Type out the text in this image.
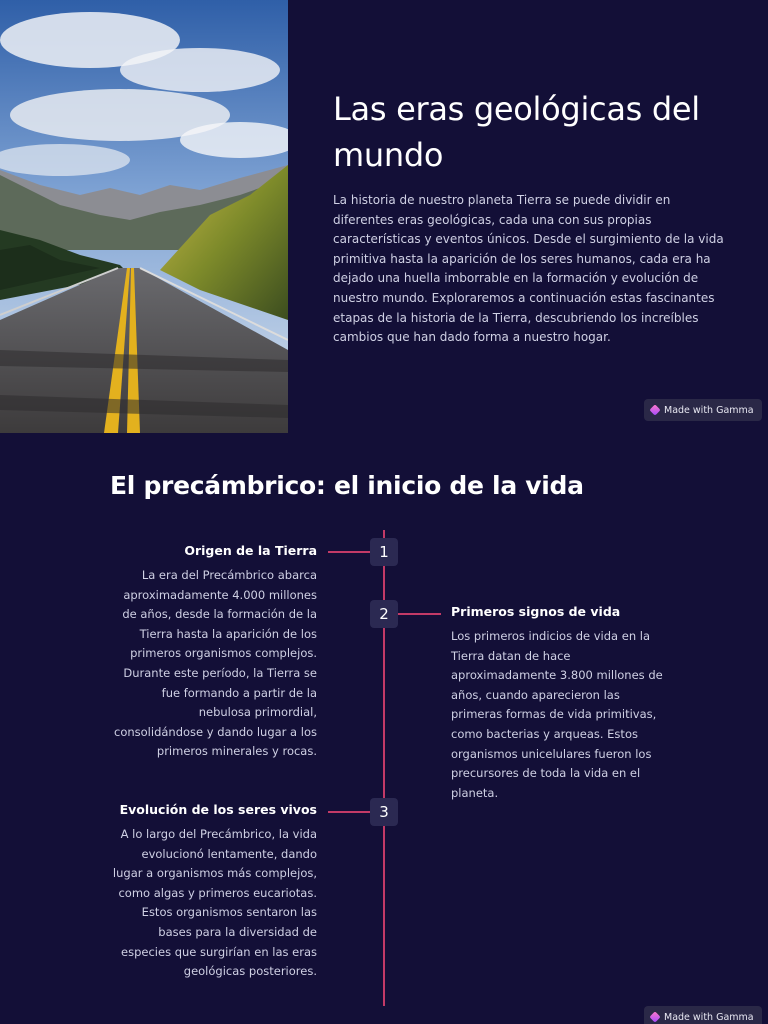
Las eras geológicas del mundo

La historia de nuestro planeta Tierra se puede dividir en diferentes eras geológicas, cada una con sus propias características y eventos únicos. Desde el surgimiento de la vida primitiva hasta la aparición de los seres humanos, cada era ha dejado una huella imborrable en la formación y evolución de nuestro mundo. Exploraremos a continuación estas fascinantes etapas de la historia de la Tierra, descubriendo los increíbles cambios que han dado forma a nuestro hogar.

Made with Gamma
El precámbrico: el inicio de la vida
1
Origen de la Tierra
La era del Precámbrico abarca aproximadamente 4.000 millones de años, desde la formación de la Tierra hasta la aparición de los primeros organismos complejos. Durante este período, la Tierra se fue formando a partir de la nebulosa primordial, consolidándose y dando lugar a los primeros minerales y rocas.
2	Primeros signos de vida
Los primeros indicios de vida en la Tierra datan de hace aproximadamente 3.800 millones de años, cuando aparecieron las primeras formas de vida primitivas, como bacterias y arqueas. Estos organismos unicelulares fueron los precursores de toda la vida en el planeta.
3
Evolución de los seres vivos
A lo largo del Precámbrico, la vida evolucionó lentamente, dando lugar a organismos más complejos, como algas y primeros eucariotas. Estos organismos sentaron las bases para la diversidad de especies que surgirían en las eras geológicas posteriores.
Made with Gamma
